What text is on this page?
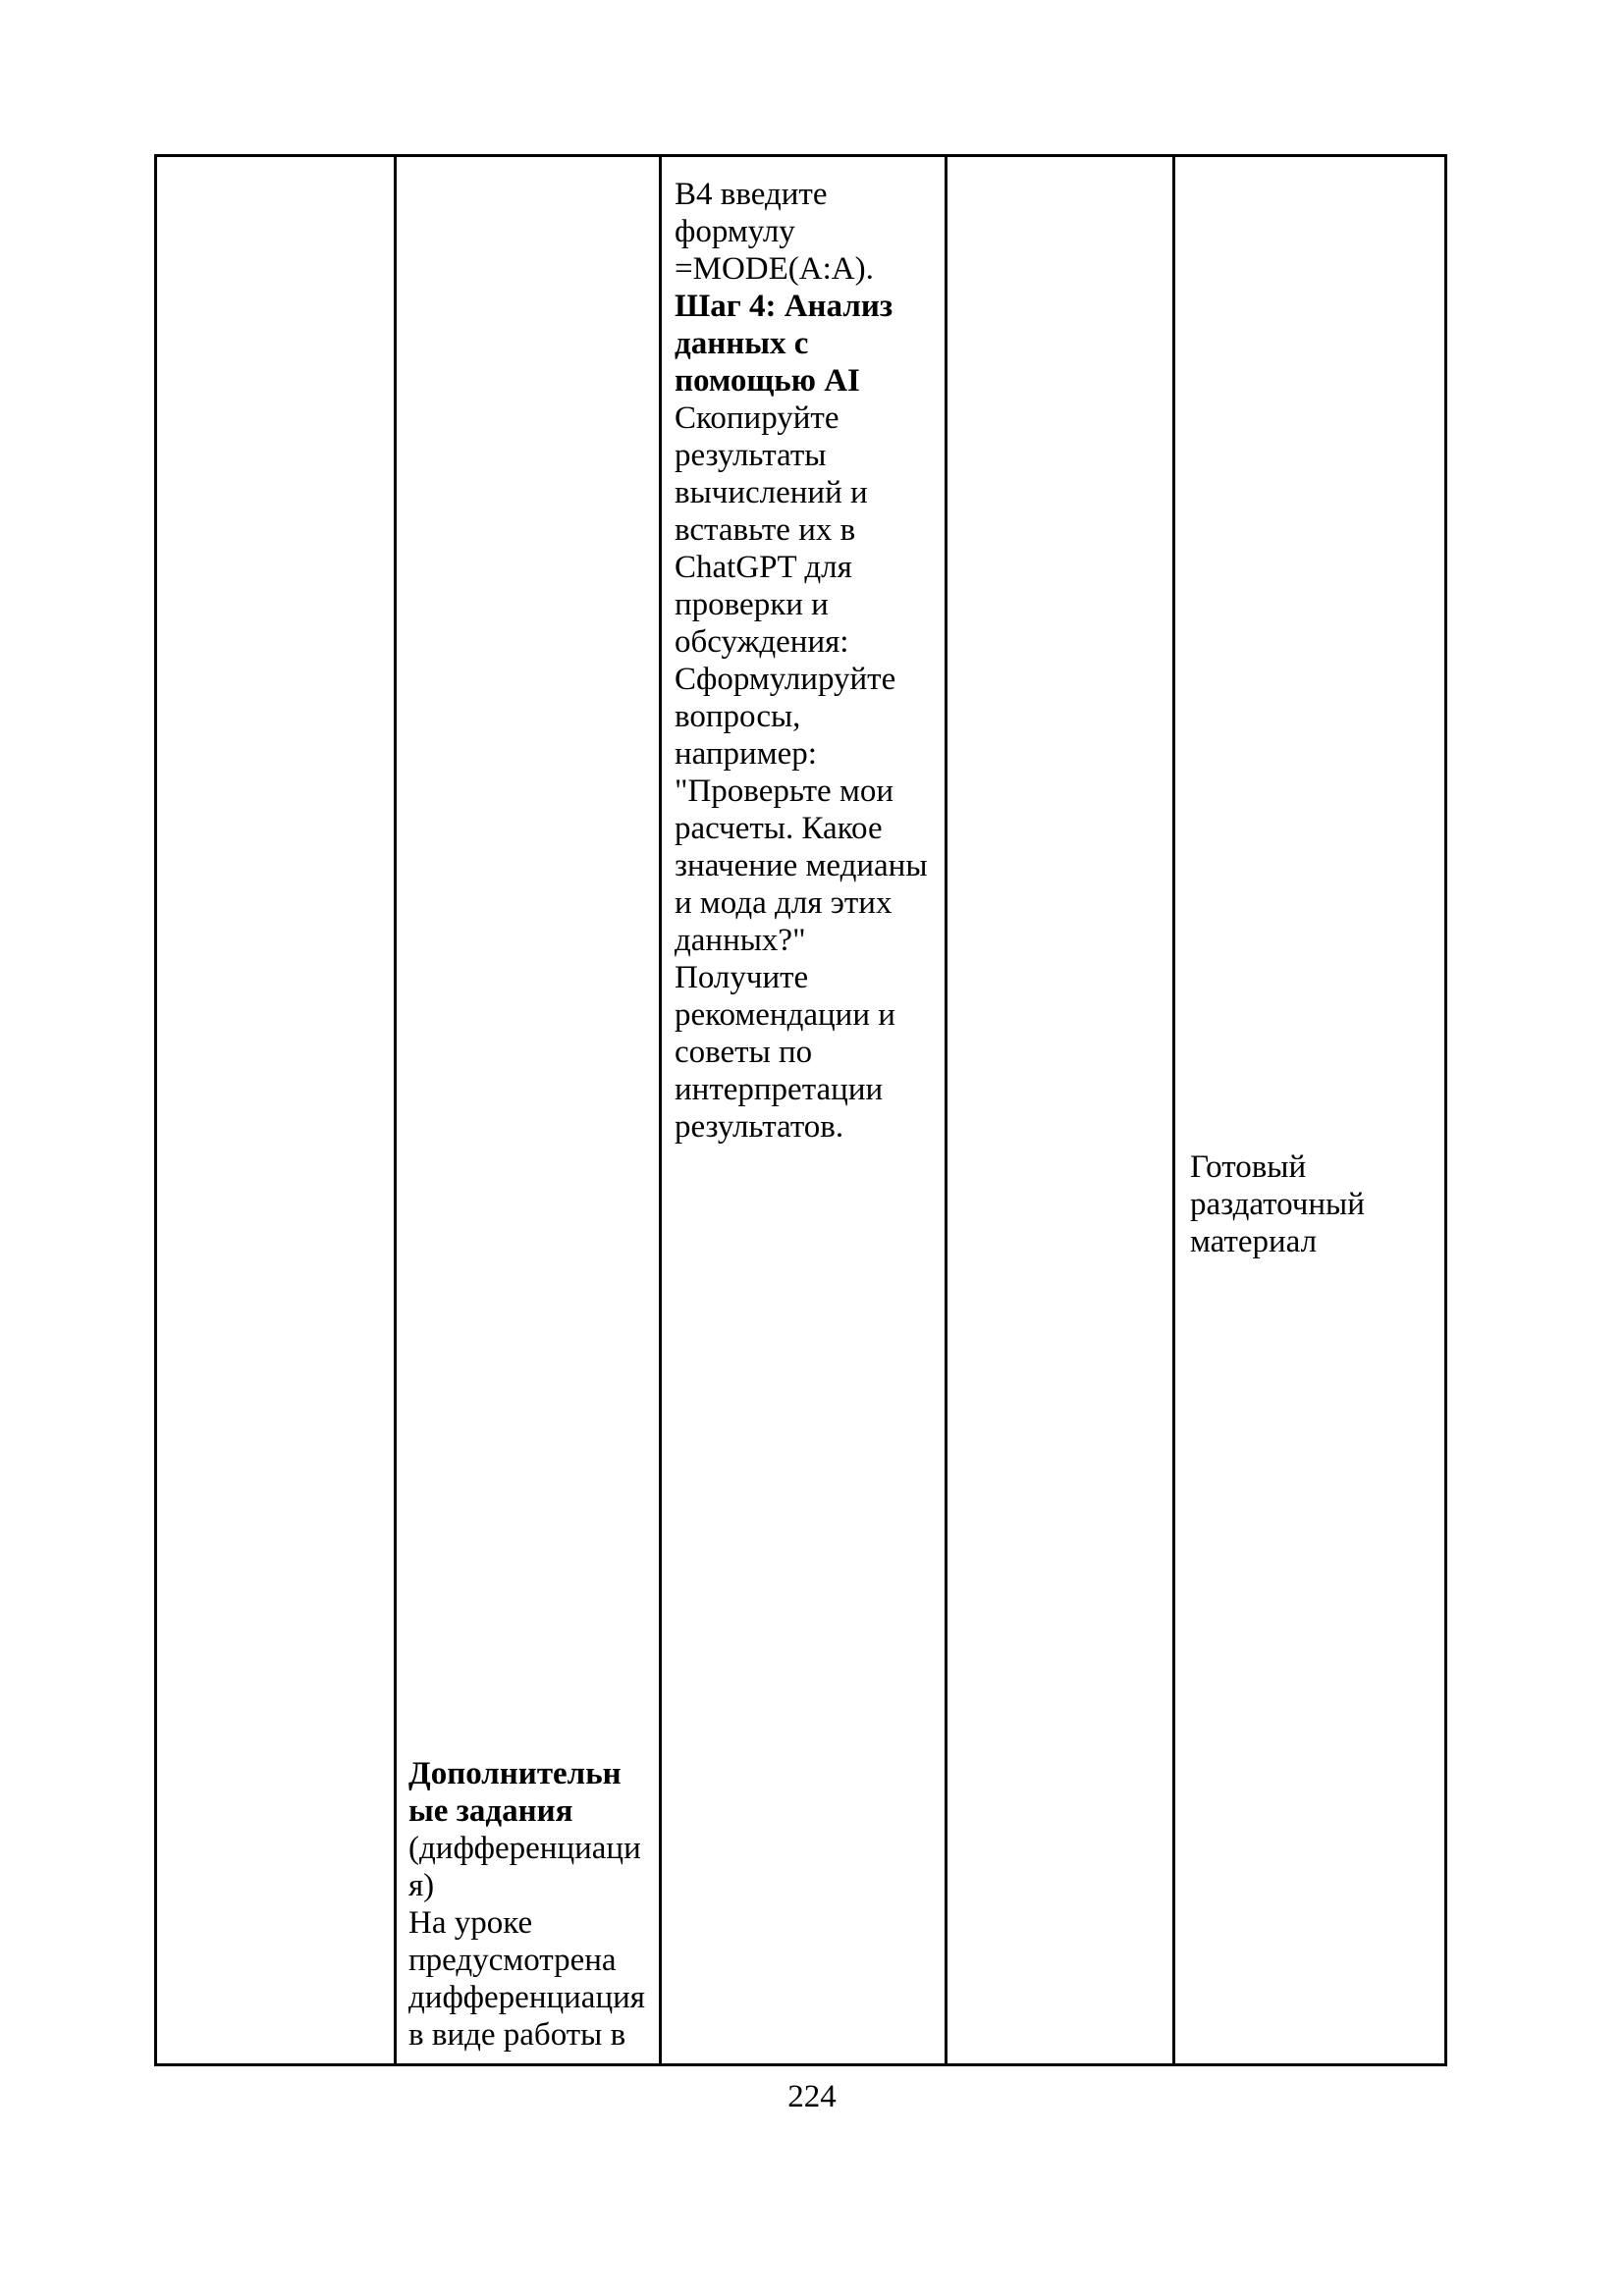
Дополнительн
ые задания
(дифференциаци
я)
На уроке
предусмотрена
дифференциация
в виде работы в
В4 введите
формулу
=MODE(A:A).
Шаг 4: Анализ
данных с
помощью AI
Скопируйте
результаты
вычислений и
вставьте их в
ChatGPT для
проверки и
обсуждения:
Сформулируйте
вопросы,
например:
"Проверьте мои
расчеты. Какое
значение медианы
и мода для этих
данных?"
Получите
рекомендации и
советы по
интерпретации
результатов.
Готовый
раздаточный
материал
224
